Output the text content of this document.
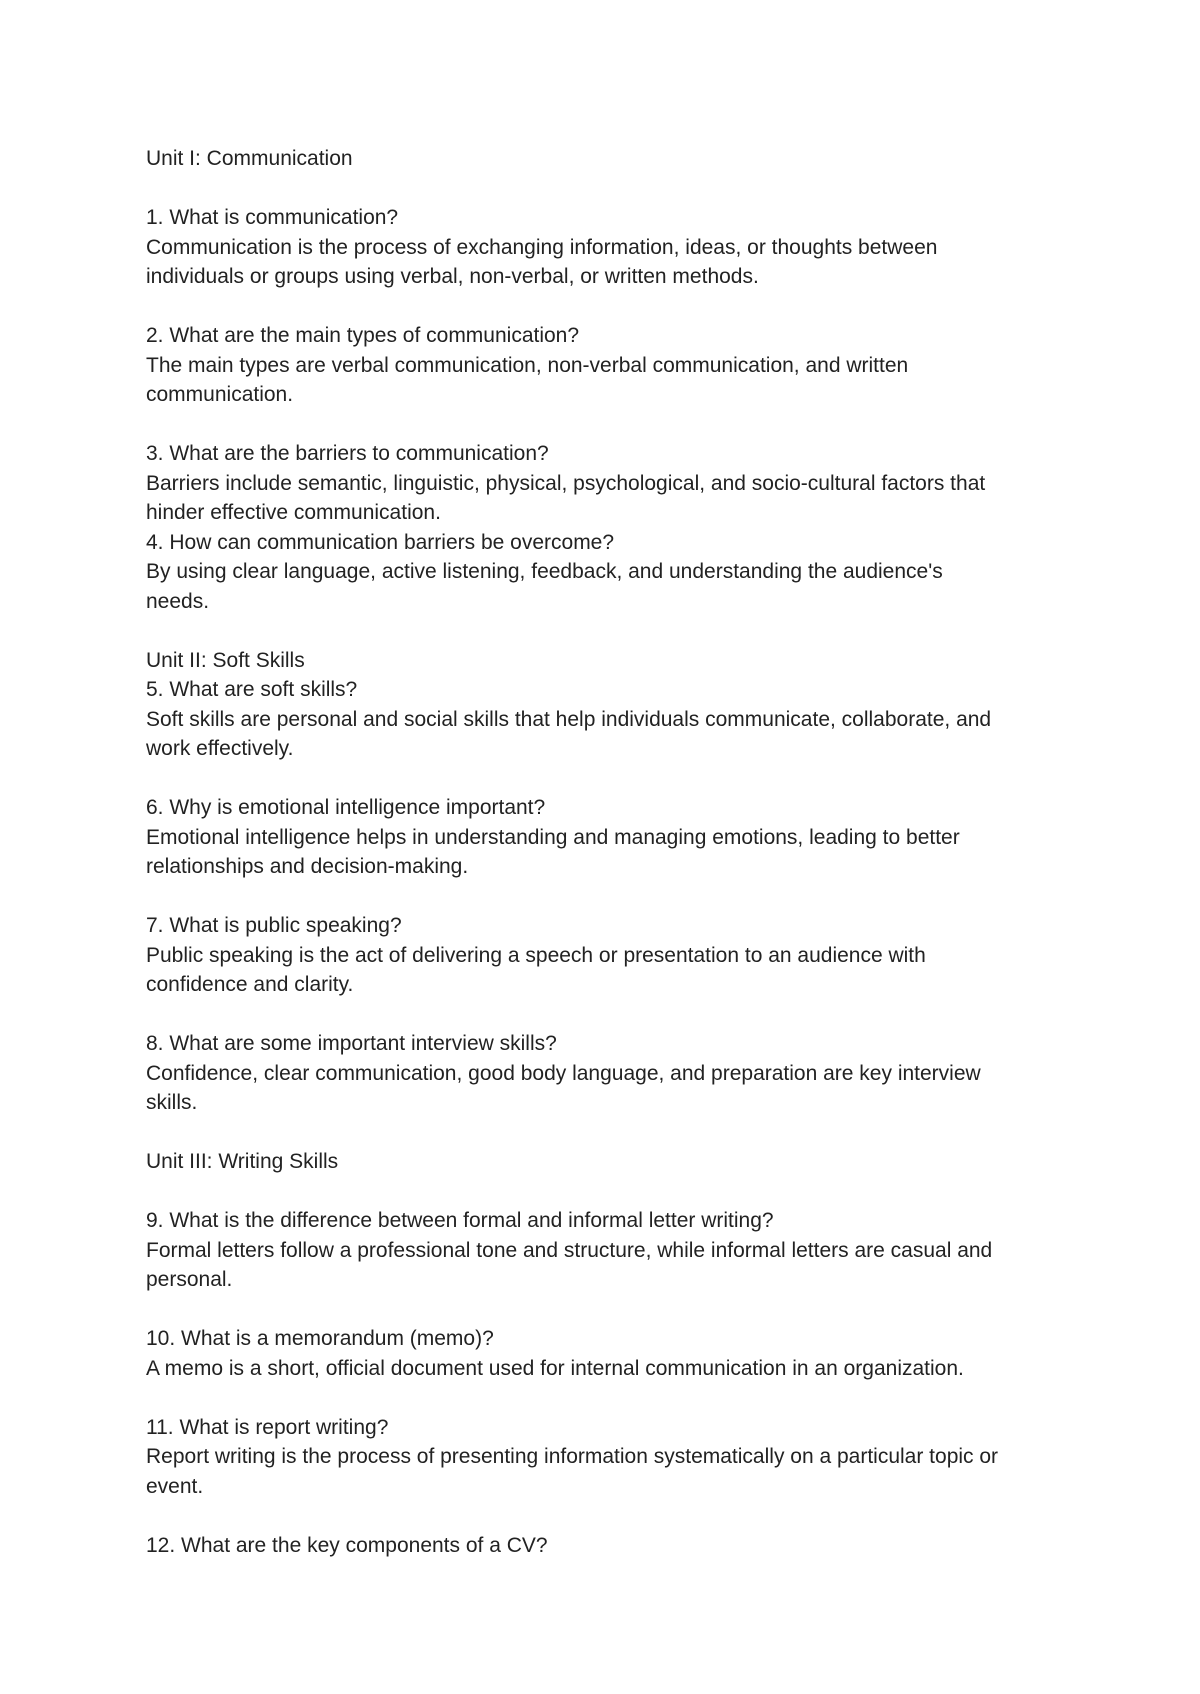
Unit I: Communication
1. What is communication?
Communication is the process of exchanging information, ideas, or thoughts between
individuals or groups using verbal, non-verbal, or written methods.
2. What are the main types of communication?
The main types are verbal communication, non-verbal communication, and written
communication.
3. What are the barriers to communication?
Barriers include semantic, linguistic, physical, psychological, and socio-cultural factors that
hinder effective communication.
4. How can communication barriers be overcome?
By using clear language, active listening, feedback, and understanding the audience's
needs.
Unit II: Soft Skills
5. What are soft skills?
Soft skills are personal and social skills that help individuals communicate, collaborate, and
work effectively.
6. Why is emotional intelligence important?
Emotional intelligence helps in understanding and managing emotions, leading to better
relationships and decision-making.
7. What is public speaking?
Public speaking is the act of delivering a speech or presentation to an audience with
confidence and clarity.
8. What are some important interview skills?
Confidence, clear communication, good body language, and preparation are key interview
skills.
Unit III: Writing Skills
9. What is the difference between formal and informal letter writing?
Formal letters follow a professional tone and structure, while informal letters are casual and
personal.
10. What is a memorandum (memo)?
A memo is a short, official document used for internal communication in an organization.
11. What is report writing?
Report writing is the process of presenting information systematically on a particular topic or
event.
12. What are the key components of a CV?
